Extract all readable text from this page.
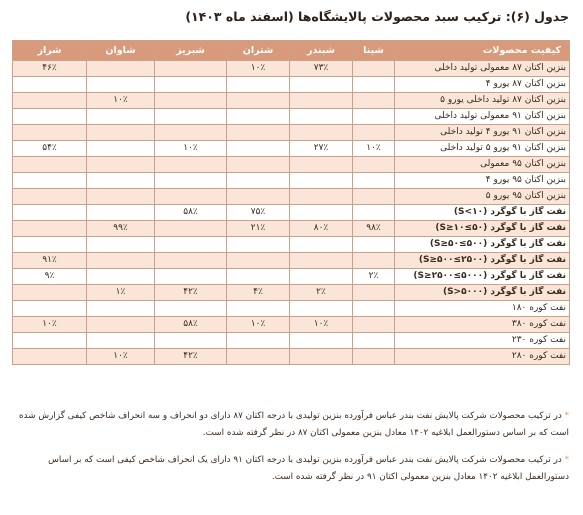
جدول (۶): ترکیب سبد محصولات پالایشگاه‌ها (اسفند ماه ۱۴۰۳)
کیفیت محصولات	شینا	شبندر	شتران	شبریز	شاوان	شراز
بنزین اکتان ۸۷ معمولی تولید داخلی		۷۳٪	۱۰٪			۴۶٪
بنزین اکتان ۸۷ یورو ۴						
بنزین اکتان ۸۷ تولید داخلی یورو ۵					۱۰٪	
بنزین اکتان ۹۱ معمولی تولید داخلی						
بنزین اکتان ۹۱ یورو ۴ تولید داخلی						
بنزین اکتان ۹۱ یورو ۵ تولید داخلی	۱۰٪	۲۷٪		۱۰٪		۵۴٪
بنزین اکتان ۹۵ معمولی						
بنزین اکتان ۹۵ یورو ۴						
بنزین اکتان ۹۵ یورو ۵						
نفت گاز با گوگرد (۱۰>S)			۷۵٪	۵۸٪		
نفت گاز با گوگرد (۵۰≥S≥۱۰)	۹۸٪	۸۰٪	۲۱٪		۹۹٪	
نفت گاز با گوگرد (۵۰۰≥S≥۵۰)						
نفت گاز با گوگرد (۲۵۰۰≥S≥۵۰۰)						۹۱٪
نفت گاز با گوگرد (۵۰۰۰≥S≥۲۵۰۰)	۲٪					۹٪
نفت گاز با گوگرد (۵۰۰۰<S)		۲٪	۴٪	۴۲٪	۱٪	
نفت کوره ۱۸۰						
نفت کوره ۳۸۰		۱۰٪	۱۰٪	۵۸٪		۱۰٪
نفت کوره ۲۳۰						
نفت کوره ۲۸۰				۴۲٪	۱۰٪	
* در ترکیب محصولات شرکت پالایش نفت بندر عباس فرآورده بنزین تولیدی با درجه اکتان ۸۷ دارای دو انحراف و سه انحراف شاخص کیفی گزارش شده است که بر اساس دستورالعمل ابلاغیه ۱۴۰۲ معادل بنزین معمولی اکتان ۸۷ در نظر گرفته شده است.
* در ترکیب محصولات شرکت پالایش نفت بندر عباس فرآورده بنزین تولیدی با درجه اکتان ۹۱ دارای یک انحراف شاخص کیفی است که بر اساس دستورالعمل ابلاغیه ۱۴۰۲ معادل بنزین معمولی اکتان ۹۱ در نظر گرفته شده است.
